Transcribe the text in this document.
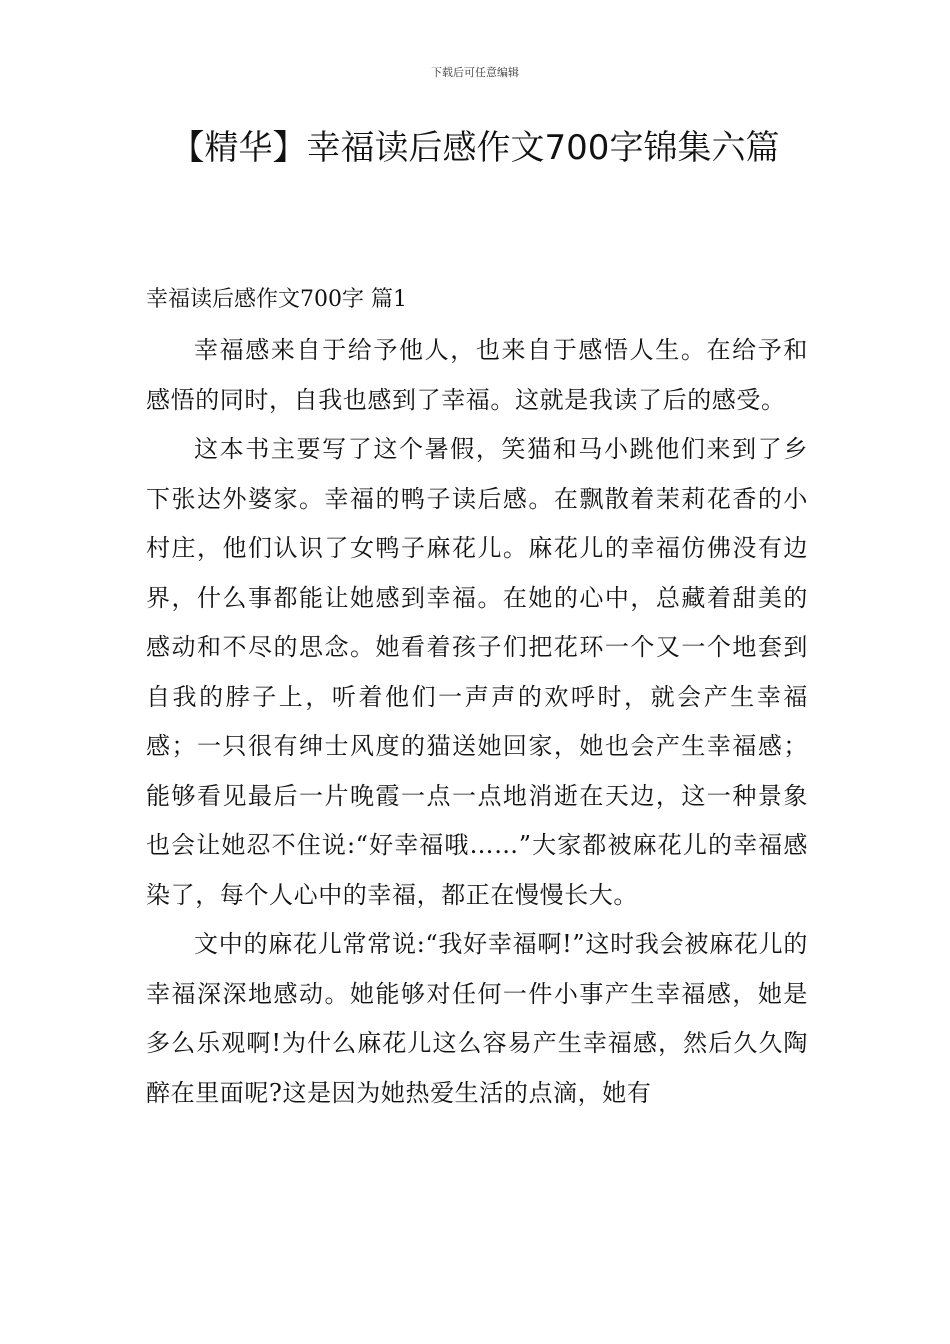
下载后可任意编辑
【精华】幸福读后感作文700字锦集六篇
幸福读后感作文700字 篇1

幸福感来自于给予他人，也来自于感悟人生。在给予和感悟的同时，自我也感到了幸福。这就是我读了后的感受。

这本书主要写了这个暑假，笑猫和马小跳他们来到了乡下张达外婆家。幸福的鸭子读后感。在飘散着茉莉花香的小村庄，他们认识了女鸭子麻花儿。麻花儿的幸福仿佛没有边界，什么事都能让她感到幸福。在她的心中，总藏着甜美的感动和不尽的思念。她看着孩子们把花环一个又一个地套到自我的脖子上，听着他们一声声的欢呼时，就会产生幸福感；一只很有绅士风度的猫送她回家，她也会产生幸福感；能够看见最后一片晚霞一点一点地消逝在天边，这一种景象也会让她忍不住说:“好幸福哦……”大家都被麻花儿的幸福感染了，每个人心中的幸福，都正在慢慢长大。

文中的麻花儿常常说:“我好幸福啊!”这时我会被麻花儿的幸福深深地感动。她能够对任何一件小事产生幸福感，她是多么乐观啊!为什么麻花儿这么容易产生幸福感，然后久久陶醉在里面呢?这是因为她热爱生活的点滴，她有
